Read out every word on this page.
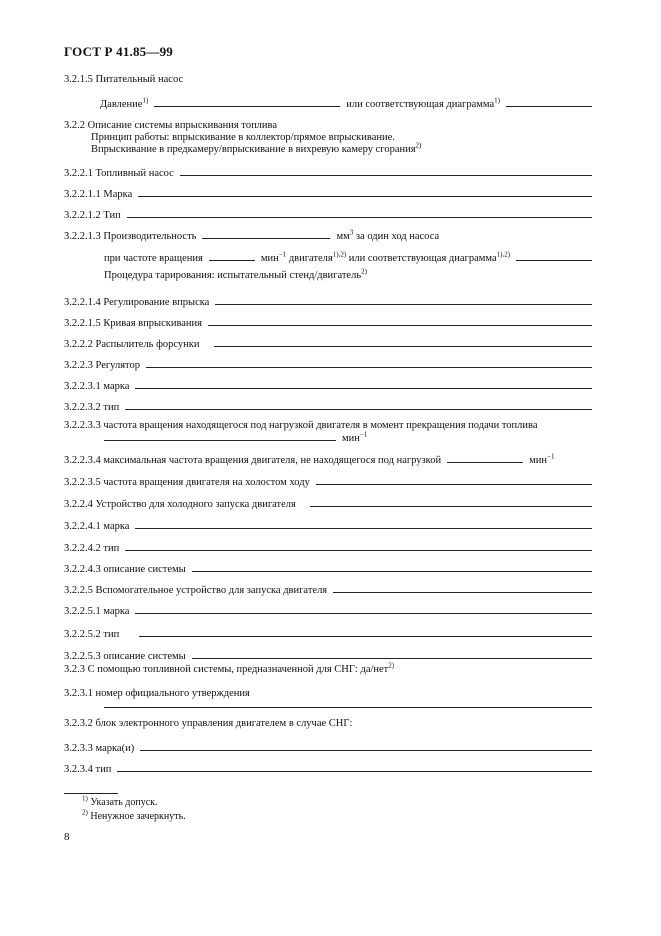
ГОСТ Р 41.85—99
3.2.1.5 Питательный насос
Давление$^{1)}$	или соответствующая диаграмма$^{1)}$
3.2.2 Описание системы впрыскивания топлива
Принцип работы: впрыскивание в коллектор/прямое впрыскивание.
Впрыскивание в предкамеру/впрыскивание в вихревую камеру сгорания$^{2)}$
3.2.2.1 Топливный насос
3.2.2.1.1 Марка
3.2.2.1.2 Тип
3.2.2.1.3 Производительность	$мм^3$ за один ход насоса
при частоте вращения	мин$^{-1}$ двигателя$^{1),2)}$ или соответствующая диаграмма$^{1),2)}$
Процедура тарирования: испытательный стенд/двигатель$^{2)}$
3.2.2.1.4 Регулирование впрыска
3.2.2.1.5 Кривая впрыскивания
3.2.2.2 Распылитель форсунки
3.2.2.3 Регулятор
3.2.2.3.1 марка
3.2.2.3.2 тип
3.2.2.3.3 частота вращения находящегося под нагрузкой двигателя в момент прекращения подачи топлива
мин$^{-1}$
3.2.2.3.4 максимальная частота вращения двигателя, не находящегося под нагрузкой	мин$^{-1}$
3.2.2.3.5 частота вращения двигателя на холостом ходу
3.2.2.4 Устройство для холодного запуска двигателя
3.2.2.4.1 марка
3.2.2.4.2 тип
3.2.2.4.3 описание системы
3.2.2.5 Вспомогательное устройство для запуска двигателя
3.2.2.5.1 марка
3.2.2.5.2 тип
3.2.2.5.3 описание системы
3.2.3 С помощью топливной системы, предназначенной для СНГ: да/нет$^{2)}$
3.2.3.1 номер официального утверждения
3.2.3.2 блок электронного управления двигателем в случае СНГ:
3.2.3.3 марка(и)
3.2.3.4 тип
$^{1)}$ Указать допуск.
$^{2)}$ Ненужное зачеркнуть.
8
